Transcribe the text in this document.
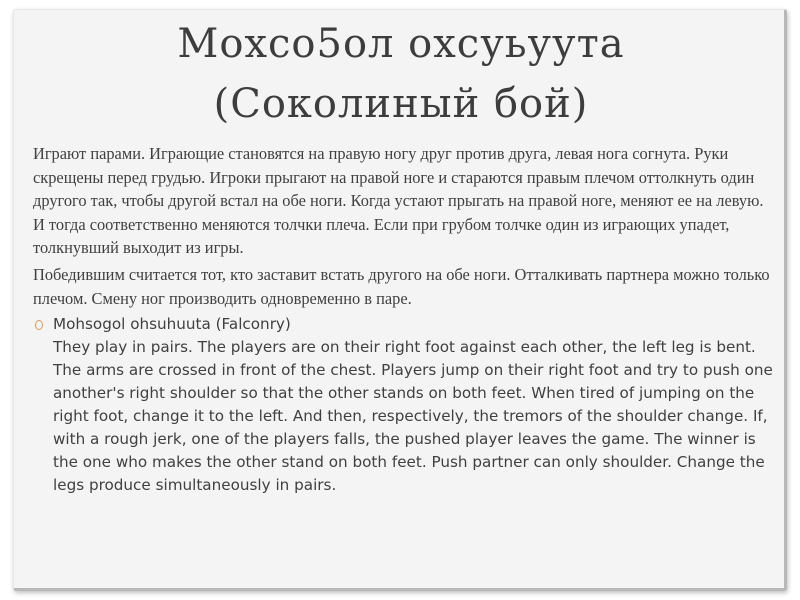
Мохсо5ол охсуьуута
(Соколиный бой)

Играют парами. Играющие становятся на правую ногу друг против друга, левая нога согнута. Руки скрещены перед грудью. Игроки прыгают на правой ноге и стараются правым плечом оттолкнуть один другого так, чтобы другой встал на обе ноги. Когда устают прыгать на правой ноге, меняют ее на левую. И тогда соответственно меняются толчки плеча. Если при грубом толчке один из играющих упадет, толкнувший выходит из игры.

Победившим считается тот, кто заставит встать другого на обе ноги. Отталкивать партнера можно только плечом. Смену ног производить одновременно в паре.

Mohsogol ohsuhuuta (Falconry)
They play in pairs. The players are on their right foot against each other, the left leg is bent. The arms are crossed in front of the chest. Players jump on their right foot and try to push one another's right shoulder so that the other stands on both feet. When tired of jumping on the right foot, change it to the left. And then, respectively, the tremors of the shoulder change. If, with a rough jerk, one of the players falls, the pushed player leaves the game. The winner is the one who makes the other stand on both feet. Push partner can only shoulder. Change the legs produce simultaneously in pairs.
